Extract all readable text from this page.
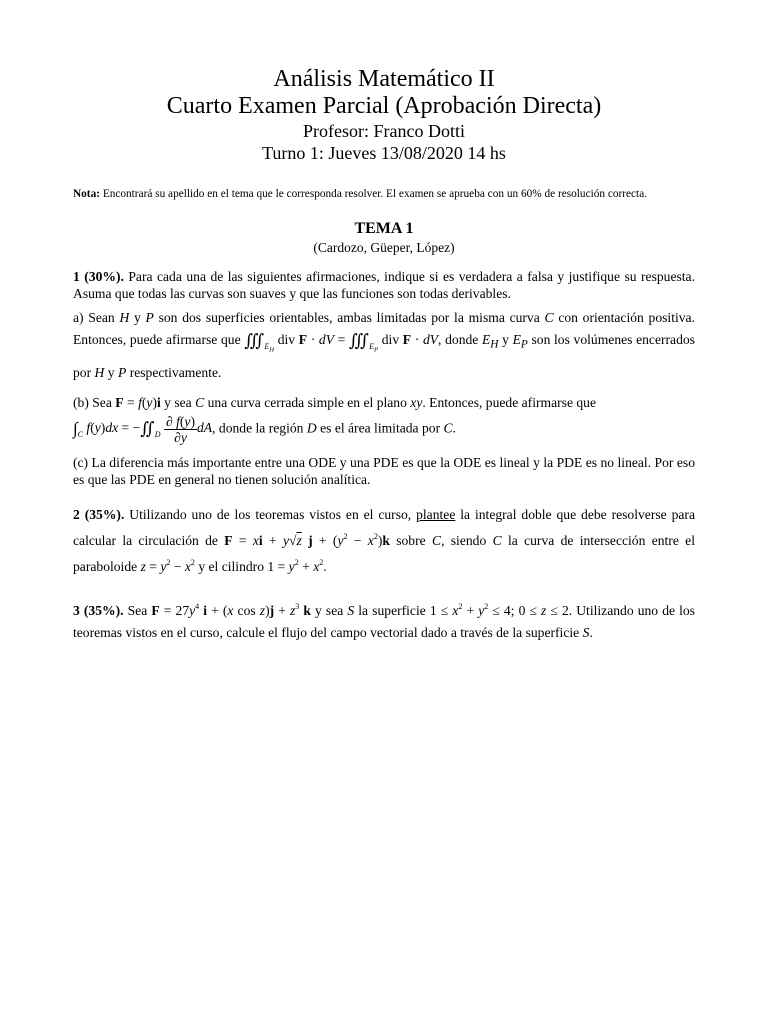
Análisis Matemático II
Cuarto Examen Parcial (Aprobación Directa)
Profesor: Franco Dotti
Turno 1: Jueves 13/08/2020 14 hs
Nota: Encontrará su apellido en el tema que le corresponda resolver. El examen se aprueba con un 60% de resolución correcta.
TEMA 1
(Cardozo, Güeper, López)

1 (30%). Para cada una de las siguientes afirmaciones, indique si es verdadera a falsa y justifique su respuesta. Asuma que todas las curvas son suaves y que las funciones son todas derivables.

a) Sean H y P son dos superficies orientables, ambas limitadas por la misma curva C con orientación positiva. Entonces, puede afirmarse que $∭_{E_H}$ div F · dV = $∭_{E_P}$ div F · dV, donde $E_H$ y $E_P$ son los volúmenes encerrados por H y P respectivamente.

(b) Sea F = f(y)i y sea C una curva cerrada simple en el plano xy. Entonces, puede afirmarse que
$\int_C$ $f(y)dx = -∬_D \frac{\partial f(y)}{\partial y}$ dA, donde la región D es el área limitada por C.

(c) La diferencia más importante entre una ODE y una PDE es que la ODE es lineal y la PDE es no lineal. Por eso es que las PDE en general no tienen solución analítica.

2 (35%). Utilizando uno de los teoremas vistos en el curso, plantee la integral doble que debe resolverse para calcular la circulación de F = xi + y√z $j + (y^2 - x^2)k$ sobre C, siendo C la curva de intersección entre el paraboloide $z = y^2 - x^2$ y el cilindro $1 = y^2 + x^2$.

3 (35%). Sea $F = 27y^4$ i + (x $\cos z)j + z^3$ k y sea S la superficie $1 \le x^2 + y^2 \le 4$; 0 ≤ z ≤ 2. Utilizando uno de los teoremas vistos en el curso, calcule el flujo del campo vectorial dado a través de la superficie S.
